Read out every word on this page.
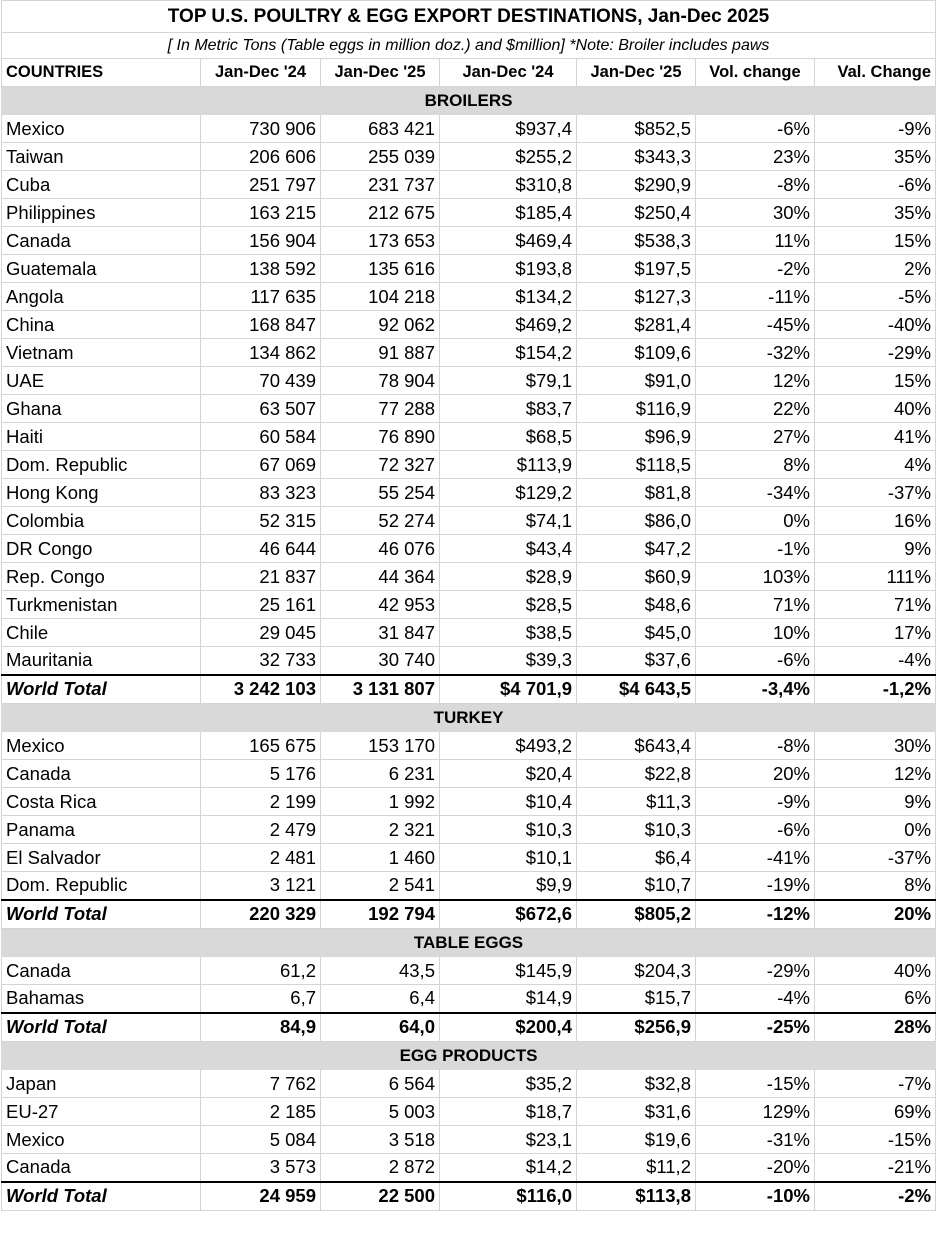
TOP U.S. POULTRY & EGG EXPORT DESTINATIONS, Jan-Dec 2025						
[ In Metric Tons (Table eggs in million doz.) and $million] *Note: Broiler includes paws						
COUNTRIES	Jan-Dec '24	Jan-Dec '25	Jan-Dec '24	Jan-Dec '25	Vol. change	Val. Change
BROILERS						
Mexico	730 906	683 421	$937,4	$852,5	-6%	-9%
Taiwan	206 606	255 039	$255,2	$343,3	23%	35%
Cuba	251 797	231 737	$310,8	$290,9	-8%	-6%
Philippines	163 215	212 675	$185,4	$250,4	30%	35%
Canada	156 904	173 653	$469,4	$538,3	11%	15%
Guatemala	138 592	135 616	$193,8	$197,5	-2%	2%
Angola	117 635	104 218	$134,2	$127,3	-11%	-5%
China	168 847	92 062	$469,2	$281,4	-45%	-40%
Vietnam	134 862	91 887	$154,2	$109,6	-32%	-29%
UAE	70 439	78 904	$79,1	$91,0	12%	15%
Ghana	63 507	77 288	$83,7	$116,9	22%	40%
Haiti	60 584	76 890	$68,5	$96,9	27%	41%
Dom. Republic	67 069	72 327	$113,9	$118,5	8%	4%
Hong Kong	83 323	55 254	$129,2	$81,8	-34%	-37%
Colombia	52 315	52 274	$74,1	$86,0	0%	16%
DR Congo	46 644	46 076	$43,4	$47,2	-1%	9%
Rep. Congo	21 837	44 364	$28,9	$60,9	103%	111%
Turkmenistan	25 161	42 953	$28,5	$48,6	71%	71%
Chile	29 045	31 847	$38,5	$45,0	10%	17%
Mauritania	32 733	30 740	$39,3	$37,6	-6%	-4%
World Total	3 242 103	3 131 807	$4 701,9	$4 643,5	-3,4%	-1,2%
TURKEY						
Mexico	165 675	153 170	$493,2	$643,4	-8%	30%
Canada	5 176	6 231	$20,4	$22,8	20%	12%
Costa Rica	2 199	1 992	$10,4	$11,3	-9%	9%
Panama	2 479	2 321	$10,3	$10,3	-6%	0%
El Salvador	2 481	1 460	$10,1	$6,4	-41%	-37%
Dom. Republic	3 121	2 541	$9,9	$10,7	-19%	8%
World Total	220 329	192 794	$672,6	$805,2	-12%	20%
TABLE EGGS						
Canada	61,2	43,5	$145,9	$204,3	-29%	40%
Bahamas	6,7	6,4	$14,9	$15,7	-4%	6%
World Total	84,9	64,0	$200,4	$256,9	-25%	28%
EGG PRODUCTS						
Japan	7 762	6 564	$35,2	$32,8	-15%	-7%
EU-27	2 185	5 003	$18,7	$31,6	129%	69%
Mexico	5 084	3 518	$23,1	$19,6	-31%	-15%
Canada	3 573	2 872	$14,2	$11,2	-20%	-21%
World Total	24 959	22 500	$116,0	$113,8	-10%	-2%
